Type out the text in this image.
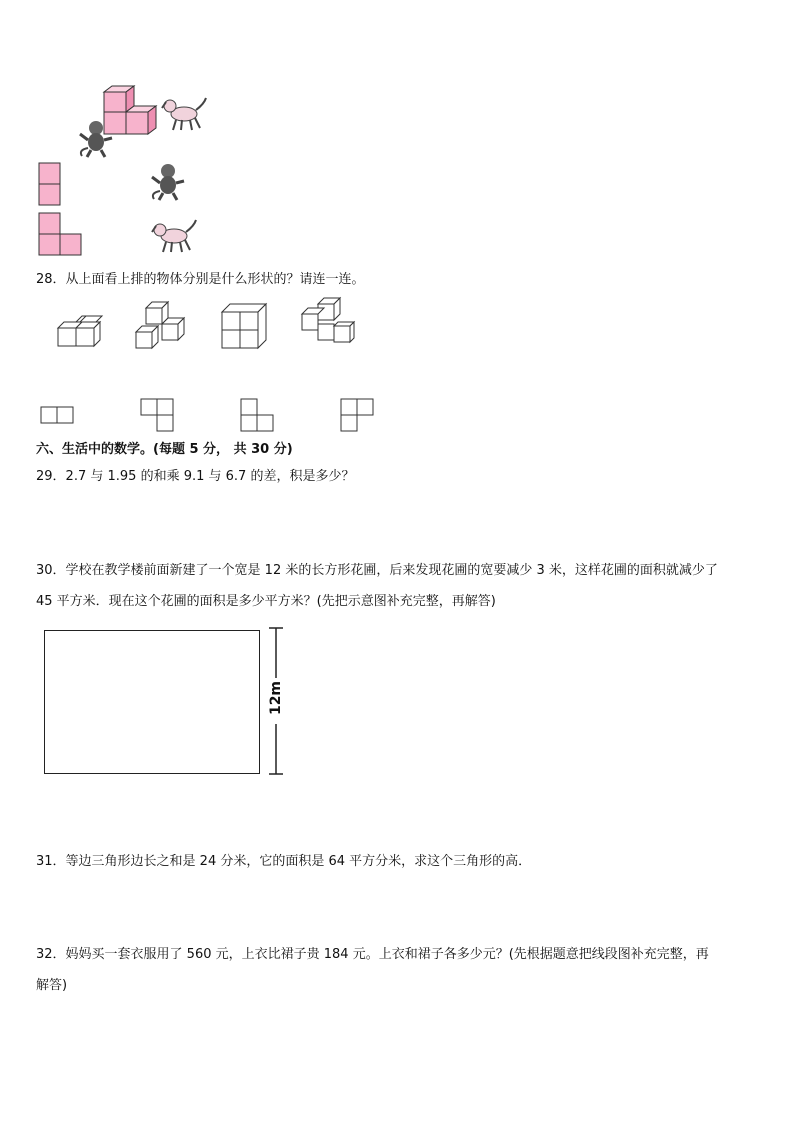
28．从上面看上排的物体分别是什么形状的？请连一连。
六、生活中的数学。(每题 5 分， 共 30 分)
29．2.7 与 1.95 的和乘 9.1 与 6.7 的差，积是多少？
30．学校在教学楼前面新建了一个宽是 12 米的长方形花圃，后来发现花圃的宽要减少 3 米，这样花圃的面积就减少了
45 平方米．现在这个花圃的面积是多少平方米？(先把示意图补充完整，再解答)
12m
31．等边三角形边长之和是 24 分米，它的面积是 64 平方分米，求这个三角形的高．
32．妈妈买一套衣服用了 560 元，上衣比裙子贵 184 元。上衣和裙子各多少元？(先根据题意把线段图补充完整，再
解答)
